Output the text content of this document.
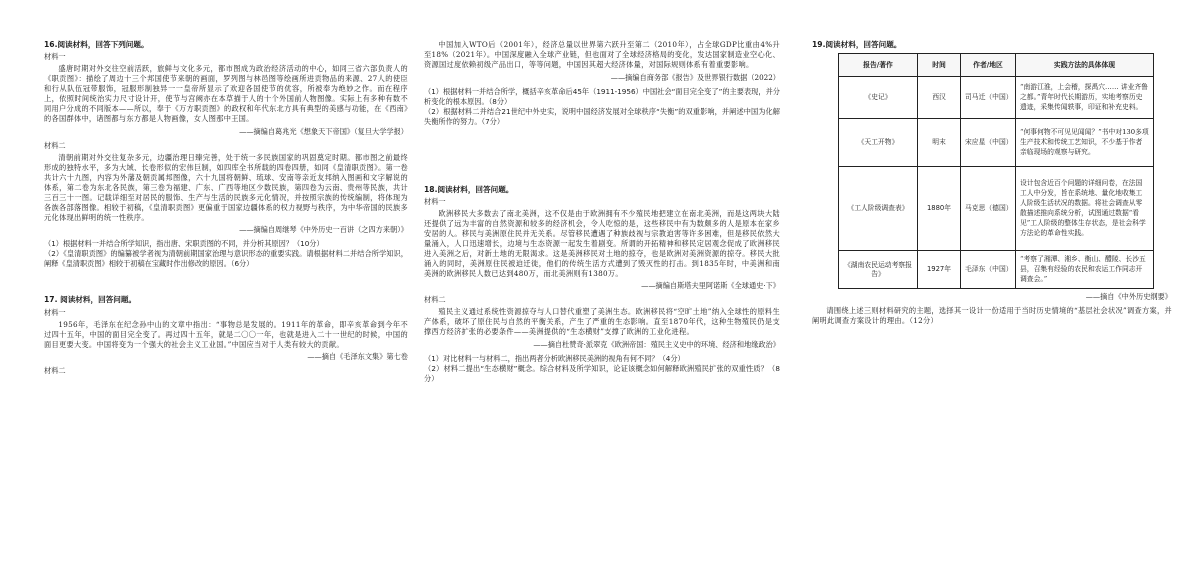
16.阅读材料，回答下列问题。

材料一

盛唐时期对外交往空前活跃，旅鲜与文化多元，都市图成为政治经济活动的中心，如同三省六部负责人的《职贡图》：描绘了周边十三个邦国使节来朝的画面，罗列图与林邑图等绘画所进贡物品的来源、27人的使臣和行从队伍冠带服饰，冠服形制独异一一皇帝所显示了欢迎各国使节的优容，所被奉为绝妙之作。而在程序上，依照时间统治实力尺寸设计开，使节与宫阙亦在本草描于人的十个外国前人物图像。实际上有多种有数不同用户分成的不同版本——所以，奉于《万方职贡图》的政权和年代东北方具有典型的美感与功能，在《西南》的各国群体中，诸图都与东方都是人物画像，女人图那中王国。

——摘编自葛兆光《想象天下帝国》（复旦大学学报）

材料二

清朝前期对外交往复杂多元，边疆治理日臻完善，处于统一多民族国家的巩固奠定时期。都市图之前最终形成的独特水平，多为大域、长卷形似的宏伟巨制，如四库全书所载的四卷四册，如同《皇清职贡图》。第一卷共计六十九图，内容为外藩及朝贡属邦图像，六十九国将朝鲜、琉球、安南等亲近友邦纳入图画和文字解说的体系，第二卷为东北各民族，第三卷为福建、广东、广西等地区少数民族，第四卷为云南、贵州等民族，共计三百三十一图。记载详细至对居民的服饰、生产与生活的民族多元化情况，并按照宗族的传统编制，将体现为各族各部落图像。相较于初稿，《皇清职贡图》更偏重于国家边疆体系的权力视野与秩序，为中华帝国的民族多元化体现出鲜明的统一性秩序。

——摘编自周继琴《中外历史一百讲（之四方来朝）》

（1）根据材料一并结合所学知识，指出唐、宋职贡图的不同，并分析其原因？（10分）

（2）《皇清职贡图》的编纂被学者视为清朝前期国家治理与意识形态的重要实践。请根据材料二并结合所学知识，阐释《皇清职贡图》相较于初稿在宝藏时作出修改的原因。（6分）

17. 阅读材料，回答问题。

材料一

1956年，毛泽东在纪念孙中山的文章中指出：“事物总是发展的。1911年的革命，即辛亥革命到今年不过四十五年，中国的面目完全变了。再过四十五年，就是二〇〇一年，也就是进入二十一世纪的时候，中国的面目更要大变。中国将变为一个强大的社会主义工业国。”中国应当对于人类有较大的贡献。

——摘自《毛泽东文集》第七卷

材料二

中国加入WTO后（2001年），经济总量以世界第六跃升至第二（2010年），占全球GDP比重由4%升至18%（2021年）。中国深度融入全球产业链，但也面对了全球经济格局的变化，发达国家制造业空心化、资源国过度依赖初级产品出口，等等问题，中国因其超大经济体量，对国际规则体系有着重要影响。

——摘编自商务部《报告》及世界银行数据（2022）

（1）根据材料一并结合所学，概括辛亥革命后45年（1911-1956）中国社会“面目完全变了”的主要表现，并分析变化的根本原因。（8分）

（2）根据材料二并结合21世纪中外史实，说明中国经济发展对全球秩序“失衡”的双重影响，并阐述中国为化解失衡所作的努力。（7分）

18.阅读材料，回答问题。

材料一

欧洲移民大多数去了南北美洲，这不仅是由于欧洲拥有不少殖民地把建立在南北美洲，而是这两块大陆还提供了远为丰富的自然资源和较多的经济机会，令人吃惊的是，这些移民中有为数颇多的人是原本在家乡安居的人。移民与美洲原住民并无关系。尽管移民遭遇了种族歧视与宗教迫害等许多困难，但是移民依然大量涌入，人口迅速增长，边境与生态资源一起发生着剧变。所谓的开拓精神和移民定居观念促成了欧洲移民进入美洲之后，对新土地的无限渴求。这是美洲移民对土地的掠夺，也是欧洲对美洲资源的掠夺。移民大批涌入的同时，美洲原住民被迫迁徙，他们的传统生活方式遭到了毁灭性的打击。到1835年时，中美洲和南美洲的欧洲移民人数已达到480万，而北美洲则有1380万。

——摘编自斯塔夫里阿诺斯《全球通史·下》

材料二

殖民主义通过系统性资源掠夺与人口替代重塑了美洲生态。欧洲移民将“空旷土地”纳入全球性的原料生产体系，破坏了原住民与自然的平衡关系，产生了严重的生态影响。直至1870年代，这种生物殖民仍是支撑西方经济扩张的必要条件——美洲提供的“生态横财”支撑了欧洲的工业化进程。

——摘自杜赞奇·派翠克《欧洲帝国：殖民主义史中的环境、经济和地缘政治》

（1）对比材料一与材料二，指出两者分析欧洲移民美洲的视角有何不同？（4分）

（2）材料二提出“生态横财”概念。综合材料及所学知识，论证该概念如何解释欧洲殖民扩张的双重性质？（8分）

19.阅读材料，回答问题。

报告/著作	时间	作者/地区	实践方法的具体体现
《史记》	西汉	司马迁（中国）	“南游江淮，上会稽，探禹穴…… 讲业齐鲁之都。”青年时代长期游历，实地考察历史遗迹，采集传闻轶事，印证和补充史料。
《天工开物》	明末	宋应星（中国）	“何事何物不可见见闻闻？”书中对130多项生产技术和传统工艺知识，不少基于作者亲临现场的观察与研究。
《工人阶级调查表》	1880年	马克思（德国）	设计包含近百个问题的详细问卷，在法国工人中分发，旨在系统地、量化地收集工人阶级生活状况的数据。将社会调查从零散描述推向系统分析，试图通过数据“看见”工人阶级的整体生存状态，是社会科学方法论的革命性实践。
《湖南农民运动考察报告》	1927年	毛泽东（中国）	“考察了湘潭、湘乡、衡山、醴陵、长沙五县，召集有经验的农民和农运工作同志开调查会。”

——摘自《中外历史纲要》

请围绕上述三则材料研究的主题，选择其一设计一份适用于当时历史情境的“基层社会状况”调查方案，并阐明此调查方案设计的理由。（12分）
